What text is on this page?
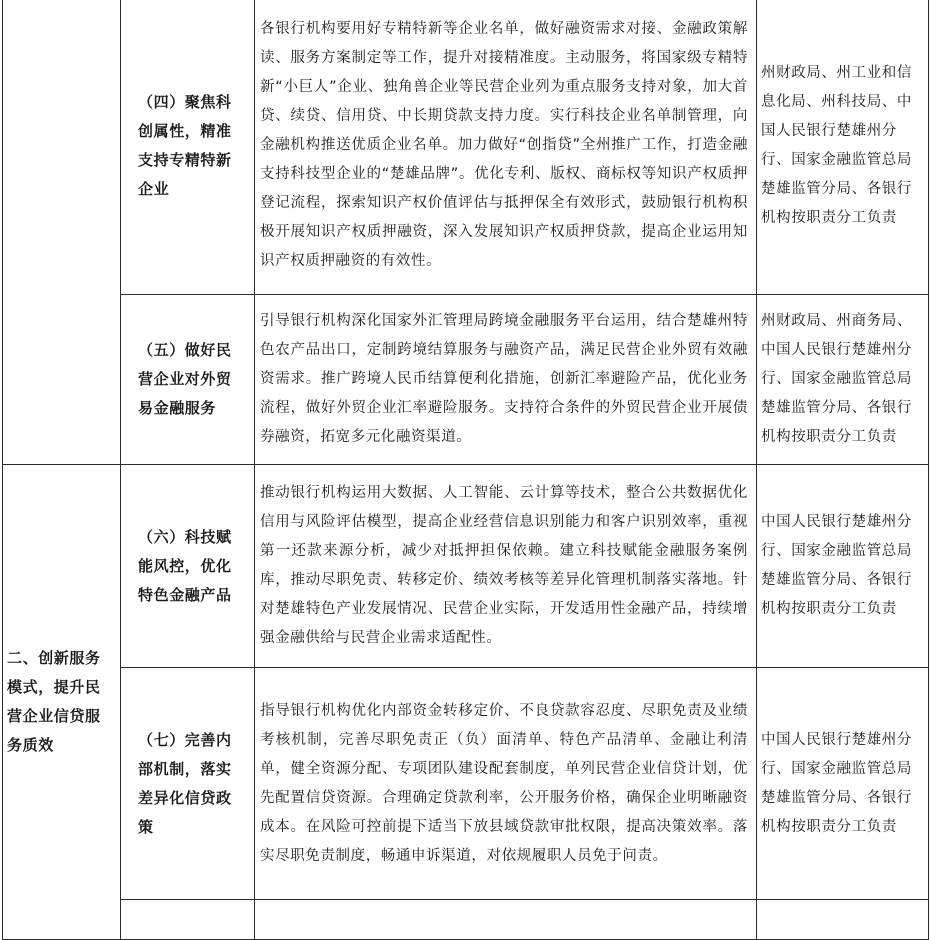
	（四）聚焦科创属性，精准支持专精特新企业	各银行机构要用好专精特新等企业名单，做好融资需求对接、金融政策解读、服务方案制定等工作，提升对接精准度。主动服务，将国家级专精特新“小巨人”企业、独角兽企业等民营企业列为重点服务支持对象，加大首贷、续贷、信用贷、中长期贷款支持力度。实行科技企业名单制管理，向金融机构推送优质企业名单。加力做好“创指贷”全州推广工作，打造金融支持科技型企业的“楚雄品牌”。优化专利、版权、商标权等知识产权质押登记流程，探索知识产权价值评估与抵押保全有效形式，鼓励银行机构积极开展知识产权质押融资，深入发展知识产权质押贷款，提高企业运用知识产权质押融资的有效性。	州财政局、州工业和信息化局、州科技局、中国人民银行楚雄州分行、国家金融监管总局楚雄监管分局、各银行机构按职责分工负责
	（五）做好民营企业对外贸易金融服务	引导银行机构深化国家外汇管理局跨境金融服务平台运用，结合楚雄州特色农产品出口，定制跨境结算服务与融资产品，满足民营企业外贸有效融资需求。推广跨境人民币结算便利化措施，创新汇率避险产品，优化业务流程，做好外贸企业汇率避险服务。支持符合条件的外贸民营企业开展债券融资，拓宽多元化融资渠道。	州财政局、州商务局、中国人民银行楚雄州分行、国家金融监管总局楚雄监管分局、各银行机构按职责分工负责
二、创新服务模式，提升民营企业信贷服务质效	（六）科技赋能风控，优化特色金融产品	推动银行机构运用大数据、人工智能、云计算等技术，整合公共数据优化信用与风险评估模型，提高企业经营信息识别能力和客户识别效率，重视第一还款来源分析，减少对抵押担保依赖。建立科技赋能金融服务案例库，推动尽职免责、转移定价、绩效考核等差异化管理机制落实落地。针对楚雄特色产业发展情况、民营企业实际，开发适用性金融产品，持续增强金融供给与民营企业需求适配性。	中国人民银行楚雄州分行、国家金融监管总局楚雄监管分局、各银行机构按职责分工负责
	（七）完善内部机制，落实差异化信贷政策	指导银行机构优化内部资金转移定价、不良贷款容忍度、尽职免责及业绩考核机制，完善尽职免责正（负）面清单、特色产品清单、金融让利清单，健全资源分配、专项团队建设配套制度，单列民营企业信贷计划，优先配置信贷资源。合理确定贷款利率，公开服务价格，确保企业明晰融资成本。在风险可控前提下适当下放县域贷款审批权限，提高决策效率。落实尽职免责制度，畅通申诉渠道，对依规履职人员免于问责。	中国人民银行楚雄州分行、国家金融监管总局楚雄监管分局、各银行机构按职责分工负责
